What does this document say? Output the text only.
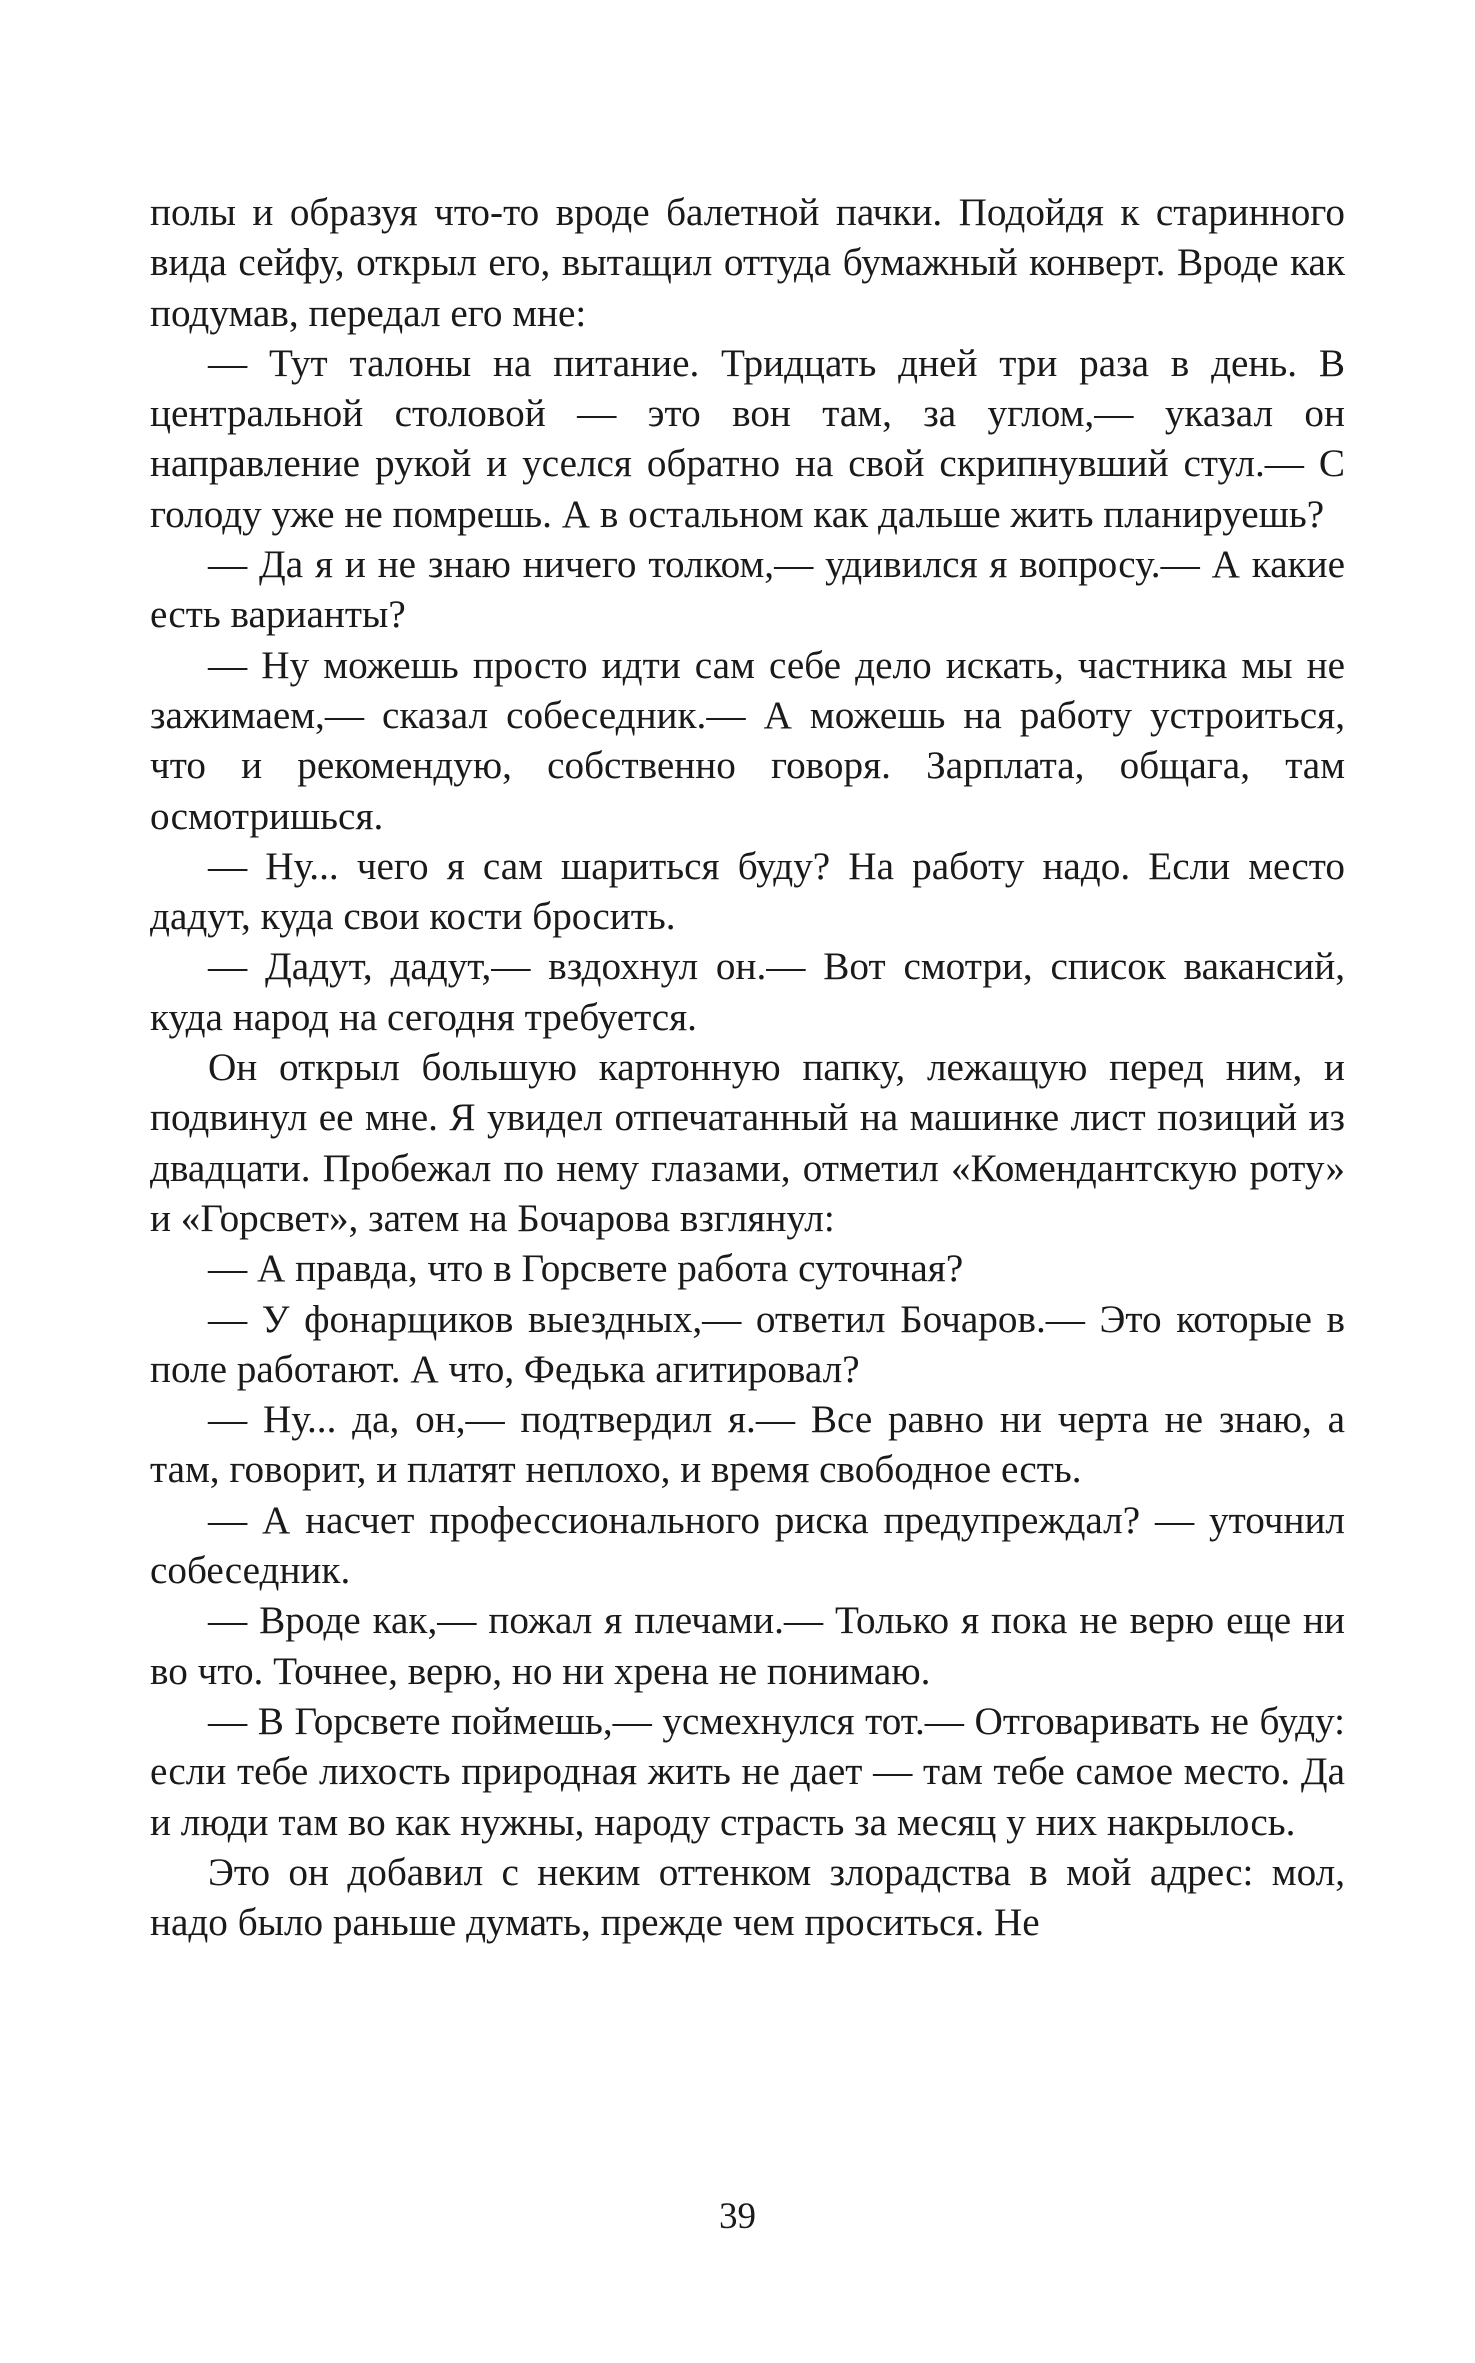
полы и образуя что-то вроде балетной пачки. Подойдя к старинного вида сейфу, открыл его, вытащил оттуда бумажный конверт. Вроде как подумав, передал его мне:

— Тут талоны на питание. Тридцать дней три раза в день. В центральной столовой — это вон там, за углом,— указал он направление рукой и уселся обратно на свой скрипнувший стул.— С голоду уже не помрешь. А в остальном как дальше жить планируешь?

— Да я и не знаю ничего толком,— удивился я вопросу.— А какие есть варианты?

— Ну можешь просто идти сам себе дело искать, частника мы не зажимаем,— сказал собеседник.— А можешь на работу устроиться, что и рекомендую, собственно говоря. Зарплата, общага, там осмотришься.

— Ну... чего я сам шариться буду? На работу надо. Если место дадут, куда свои кости бросить.

— Дадут, дадут,— вздохнул он.— Вот смотри, список вакансий, куда народ на сегодня требуется.

Он открыл большую картонную папку, лежащую перед ним, и подвинул ее мне. Я увидел отпечатанный на машинке лист позиций из двадцати. Пробежал по нему глазами, отметил «Комендантскую роту» и «Горсвет», затем на Бочарова взглянул:

— А правда, что в Горсвете работа суточная?

— У фонарщиков выездных,— ответил Бочаров.— Это которые в поле работают. А что, Федька агитировал?

— Ну... да, он,— подтвердил я.— Все равно ни черта не знаю, а там, говорит, и платят неплохо, и время свободное есть.

— А насчет профессионального риска предупреждал? — уточнил собеседник.

— Вроде как,— пожал я плечами.— Только я пока не верю еще ни во что. Точнее, верю, но ни хрена не понимаю.

— В Горсвете поймешь,— усмехнулся тот.— Отговаривать не буду: если тебе лихость природная жить не дает — там тебе самое место. Да и люди там во как нужны, народу страсть за месяц у них накрылось.

Это он добавил с неким оттенком злорадства в мой адрес: мол, надо было раньше думать, прежде чем проситься. Не

39
